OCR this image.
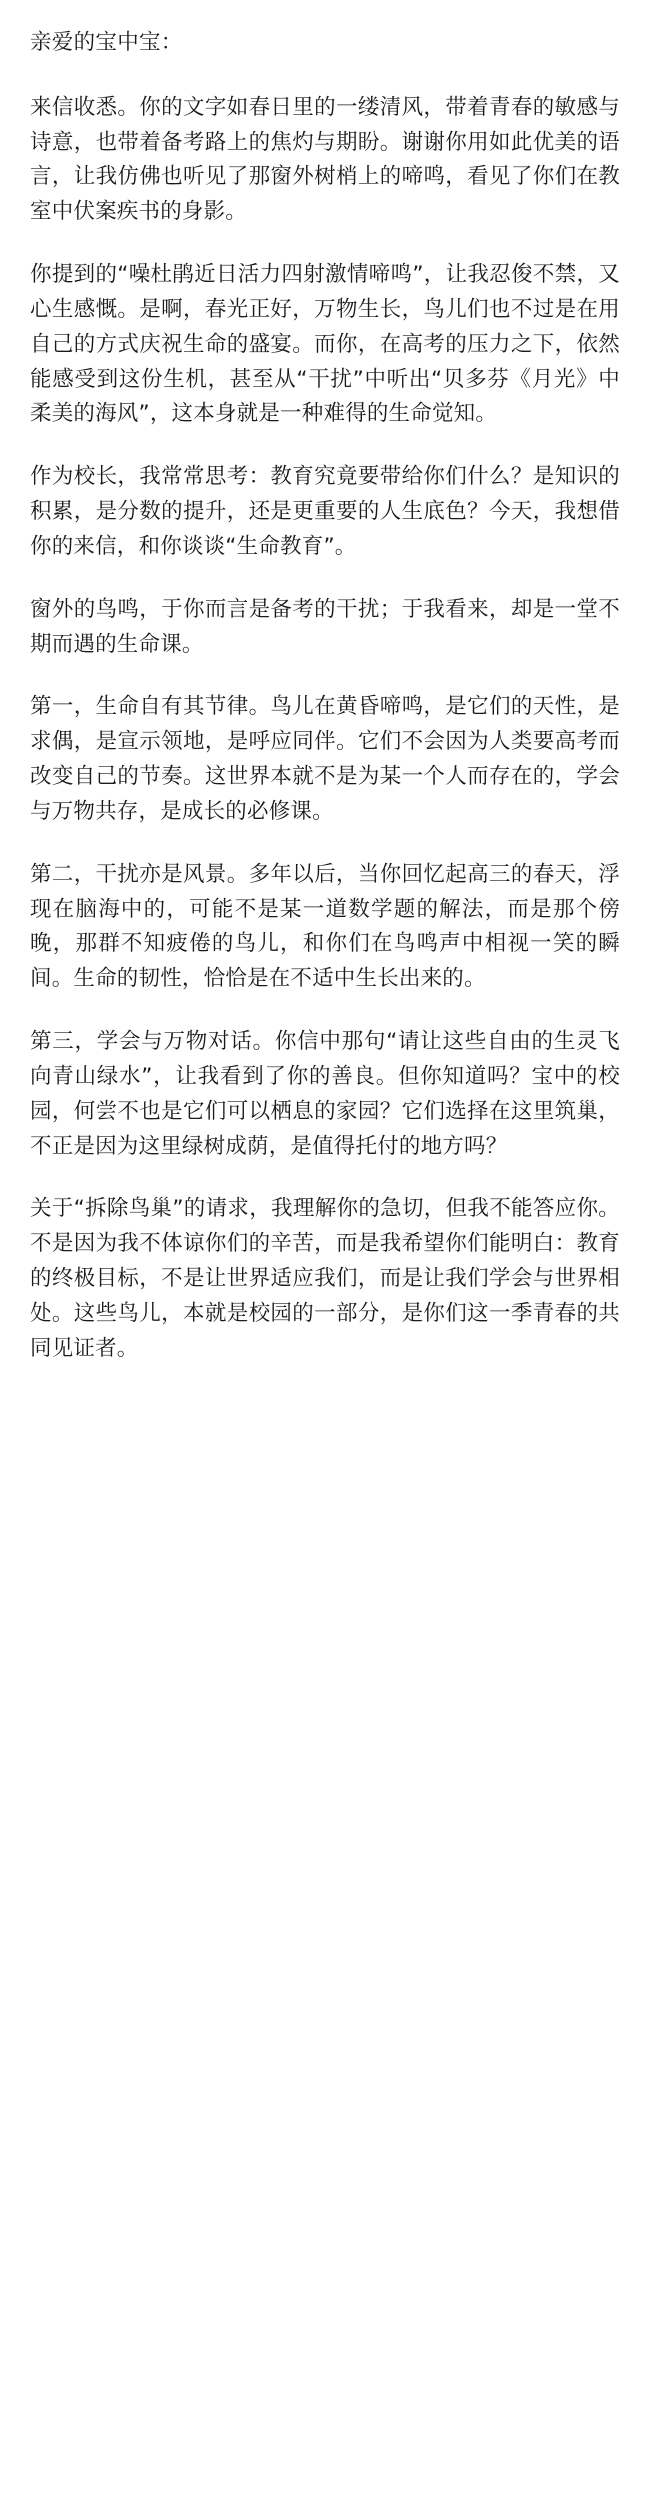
亲爱的宝中宝：

来信收悉。你的文字如春日里的一缕清风，带着青春的敏感与诗意，也带着备考路上的焦灼与期盼。谢谢你用如此优美的语言，让我仿佛也听见了那窗外树梢上的啼鸣，看见了你们在教室中伏案疾书的身影。

你提到的“噪杜鹃近日活力四射激情啼鸣”，让我忍俊不禁，又心生感慨。是啊，春光正好，万物生长，鸟儿们也不过是在用自己的方式庆祝生命的盛宴。而你，在高考的压力之下，依然能感受到这份生机，甚至从“干扰”中听出“贝多芬《月光》中柔美的海风”，这本身就是一种难得的生命觉知。

作为校长，我常常思考：教育究竟要带给你们什么？是知识的积累，是分数的提升，还是更重要的人生底色？今天，我想借你的来信，和你谈谈“生命教育”。

窗外的鸟鸣，于你而言是备考的干扰；于我看来，却是一堂不期而遇的生命课。

第一，生命自有其节律。鸟儿在黄昏啼鸣，是它们的天性，是求偶，是宣示领地，是呼应同伴。它们不会因为人类要高考而改变自己的节奏。这世界本就不是为某一个人而存在的，学会与万物共存，是成长的必修课。

第二，干扰亦是风景。多年以后，当你回忆起高三的春天，浮现在脑海中的，可能不是某一道数学题的解法，而是那个傍晚，那群不知疲倦的鸟儿，和你们在鸟鸣声中相视一笑的瞬间。生命的韧性，恰恰是在不适中生长出来的。

第三，学会与万物对话。你信中那句“请让这些自由的生灵飞向青山绿水”，让我看到了你的善良。但你知道吗？宝中的校园，何尝不也是它们可以栖息的家园？它们选择在这里筑巢，不正是因为这里绿树成荫，是值得托付的地方吗？

关于“拆除鸟巢”的请求，我理解你的急切，但我不能答应你。不是因为我不体谅你们的辛苦，而是我希望你们能明白：教育的终极目标，不是让世界适应我们，而是让我们学会与世界相处。这些鸟儿，本就是校园的一部分，是你们这一季青春的共同见证者。
